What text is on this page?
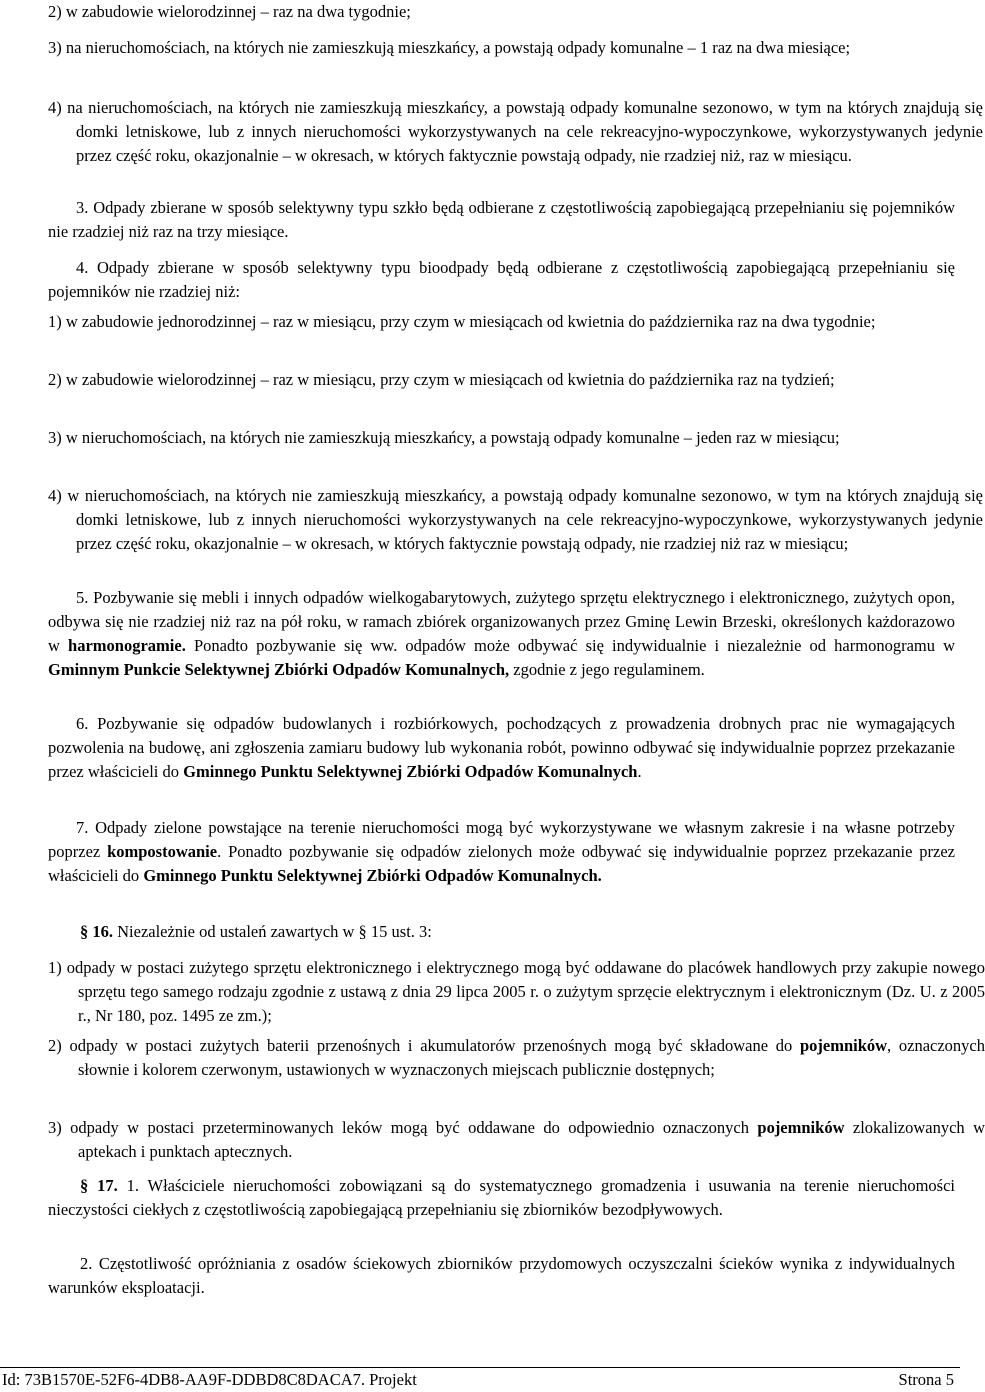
2) w zabudowie wielorodzinnej – raz na dwa tygodnie;

3) na nieruchomościach, na których nie zamieszkują mieszkańcy, a powstają odpady komunalne – 1 raz na dwa miesiące;

4) na nieruchomościach, na których nie zamieszkują mieszkańcy, a powstają odpady komunalne sezonowo, w tym na których znajdują się domki letniskowe, lub z innych nieruchomości wykorzystywanych na cele rekreacyjno-wypoczynkowe, wykorzystywanych jedynie przez część roku, okazjonalnie – w okresach, w których faktycznie powstają odpady, nie rzadziej niż, raz w miesiącu.

3. Odpady zbierane w sposób selektywny typu szkło będą odbierane z częstotliwością zapobiegającą przepełnianiu się pojemników nie rzadziej niż raz na trzy miesiące.

4. Odpady zbierane w sposób selektywny typu bioodpady będą odbierane z częstotliwością zapobiegającą przepełnianiu się pojemników nie rzadziej niż:

1) w zabudowie jednorodzinnej – raz w miesiącu, przy czym w miesiącach od kwietnia do października raz na dwa tygodnie;

2) w zabudowie wielorodzinnej – raz w miesiącu, przy czym w miesiącach od kwietnia do października raz na tydzień;

3) w nieruchomościach, na których nie zamieszkują mieszkańcy, a powstają odpady komunalne – jeden raz w miesiącu;

4) w nieruchomościach, na których nie zamieszkują mieszkańcy, a powstają odpady komunalne sezonowo, w tym na których znajdują się domki letniskowe, lub z innych nieruchomości wykorzystywanych na cele rekreacyjno-wypoczynkowe, wykorzystywanych jedynie przez część roku, okazjonalnie – w okresach, w których faktycznie powstają odpady, nie rzadziej niż raz w miesiącu;

5. Pozbywanie się mebli i innych odpadów wielkogabarytowych, zużytego sprzętu elektrycznego i elektronicznego, zużytych opon, odbywa się nie rzadziej niż raz na pół roku, w ramach zbiórek organizowanych przez Gminę Lewin Brzeski, określonych każdorazowo w harmonogramie. Ponadto pozbywanie się ww. odpadów może odbywać się indywidualnie i niezależnie od harmonogramu w Gminnym Punkcie Selektywnej Zbiórki Odpadów Komunalnych, zgodnie z jego regulaminem.

6. Pozbywanie się odpadów budowlanych i rozbiórkowych, pochodzących z prowadzenia drobnych prac nie wymagających pozwolenia na budowę, ani zgłoszenia zamiaru budowy lub wykonania robót, powinno odbywać się indywidualnie poprzez przekazanie przez właścicieli do Gminnego Punktu Selektywnej Zbiórki Odpadów Komunalnych.

7. Odpady zielone powstające na terenie nieruchomości mogą być wykorzystywane we własnym zakresie i na własne potrzeby poprzez kompostowanie. Ponadto pozbywanie się odpadów zielonych może odbywać się indywidualnie poprzez przekazanie przez właścicieli do Gminnego Punktu Selektywnej Zbiórki Odpadów Komunalnych.

§ 16. Niezależnie od ustaleń zawartych w § 15 ust. 3:

1) odpady w postaci zużytego sprzętu elektronicznego i elektrycznego mogą być oddawane do placówek handlowych przy zakupie nowego sprzętu tego samego rodzaju zgodnie z ustawą z dnia 29 lipca 2005 r. o zużytym sprzęcie elektrycznym i elektronicznym (Dz. U. z 2005 r., Nr 180, poz. 1495 ze zm.);

2) odpady w postaci zużytych baterii przenośnych i akumulatorów przenośnych mogą być składowane do pojemników, oznaczonych słownie i kolorem czerwonym, ustawionych w wyznaczonych miejscach publicznie dostępnych;

3) odpady w postaci przeterminowanych leków mogą być oddawane do odpowiednio oznaczonych pojemników zlokalizowanych w aptekach i punktach aptecznych.

§ 17. 1. Właściciele nieruchomości zobowiązani są do systematycznego gromadzenia i usuwania na terenie nieruchomości nieczystości ciekłych z częstotliwością zapobiegającą przepełnianiu się zbiorników bezodpływowych.

2. Częstotliwość opróżniania z osadów ściekowych zbiorników przydomowych oczyszczalni ścieków wynika z indywidualnych warunków eksploatacji.

Id: 73B1570E-52F6-4DB8-AA9F-DDBD8C8DACA7. Projekt	Strona 5
